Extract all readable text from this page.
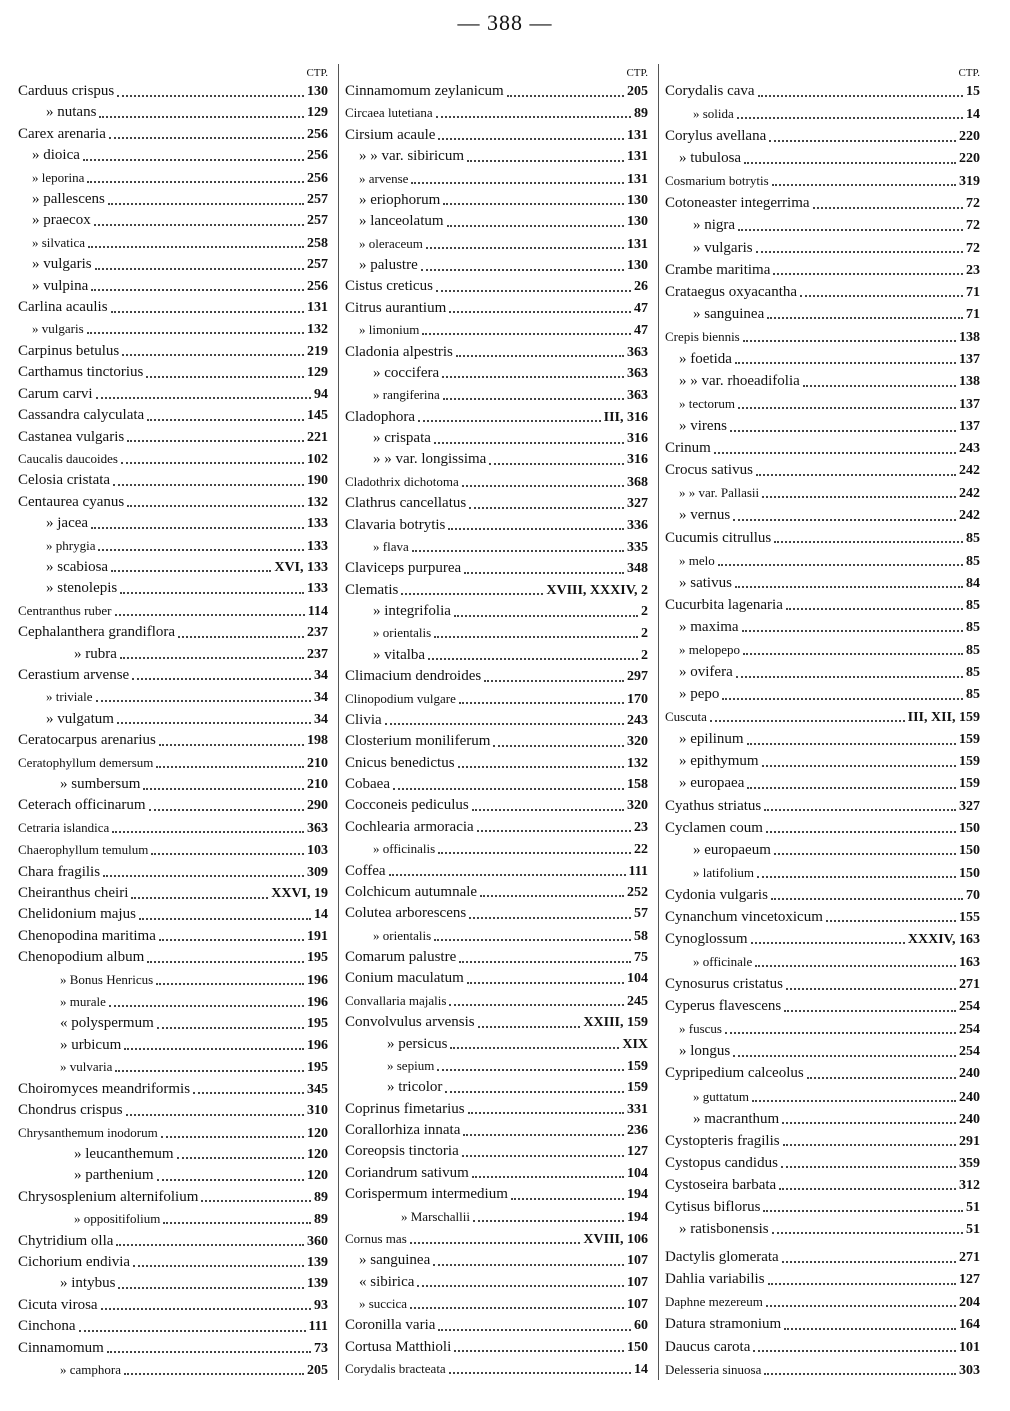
— 388 —
СТР.
Carduus crispus	130
» nutans	129
Carex arenaria	256
» dioica	256
» leporina	256
» pallescens	257
» praecox	257
» silvatica	258
» vulgaris	257
» vulpina	256
Carlina acaulis	131
» vulgaris	132
Carpinus betulus	219
Carthamus tinctorius	129
Carum carvi	94
Cassandra calyculata	145
Castanea vulgaris	221
Caucalis daucoides	102
Celosia cristata	190
Centaurea cyanus	132
» jacea	133
» phrygia	133
» scabiosa	XVI, 133
» stenolepis	133
Centranthus ruber	114
Cephalanthera grandiflora	237
» rubra	237
Cerastium arvense	34
» triviale	34
» vulgatum	34
Ceratocarpus arenarius	198
Ceratophyllum demersum	210
» sumbersum	210
Ceterach officinarum	290
Cetraria islandica	363
Chaerophyllum temulum	103
Chara fragilis	309
Cheiranthus cheiri	XXVI, 19
Chelidonium majus	14
Chenopodina maritima	191
Chenopodium album	195
» Bonus Henricus	196
» murale	196
« polyspermum	195
» urbicum	196
» vulvaria	195
Choiromyces meandriformis	345
Chondrus crispus	310
Chrysanthemum inodorum	120
» leucanthemum	120
» parthenium	120
Chrysosplenium alternifolium	89
» oppositifolium	89
Chytridium olla	360
Cichorium endivia	139
» intybus	139
Cicuta virosa	93
Cinchona	111
Cinnamomum	73
» camphora	205
СТР.
Cinnamomum zeylanicum	205
Circaea lutetiana	89
Cirsium acaule	131
» » var. sibiricum	131
» arvense	131
» eriophorum	130
» lanceolatum	130
» oleraceum	131
» palustre	130
Cistus creticus	26
Citrus aurantium	47
» limonium	47
Cladonia alpestris	363
» coccifera	363
» rangiferina	363
Cladophora	III, 316
» crispata	316
» » var. longissima	316
Cladothrix dichotoma	368
Clathrus cancellatus	327
Clavaria botrytis	336
» flava	335
Claviceps purpurea	348
Clematis	XVIII, XXXIV, 2
» integrifolia	2
» orientalis	2
» vitalba	2
Climacium dendroides	297
Clinopodium vulgare	170
Clivia	243
Closterium moniliferum	320
Cnicus benedictus	132
Cobaea	158
Cocconeis pediculus	320
Cochlearia armoracia	23
» officinalis	22
Coffea	111
Colchicum autumnale	252
Colutea arborescens	57
» orientalis	58
Comarum palustre	75
Conium maculatum	104
Convallaria majalis	245
Convolvulus arvensis	XXIII, 159
» persicus	XIX
» sepium	159
» tricolor	159
Coprinus fimetarius	331
Corallorhiza innata	236
Coreopsis tinctoria	127
Coriandrum sativum	104
Corispermum intermedium	194
» Marschallii	194
Cornus mas	XVIII, 106
» sanguinea	107
« sibirica	107
» succica	107
Coronilla varia	60
Cortusa Matthioli	150
Corydalis bracteata	14
СТР.
Corydalis cava	15
» solida	14
Corylus avellana	220
» tubulosa	220
Cosmarium botrytis	319
Cotoneaster integerrima	72
» nigra	72
» vulgaris	72
Crambe maritima	23
Crataegus oxyacantha	71
» sanguinea	71
Crepis biennis	138
» foetida	137
» » var. rhoeadifolia	138
» tectorum	137
» virens	137
Crinum	243
Crocus sativus	242
» » var. Pallasii	242
» vernus	242
Cucumis citrullus	85
» melo	85
» sativus	84
Cucurbita lagenaria	85
» maxima	85
» melopepo	85
» ovifera	85
» pepo	85
Cuscuta	III, XII, 159
» epilinum	159
» epithymum	159
» europaea	159
Cyathus striatus	327
Cyclamen coum	150
» europaeum	150
» latifolium	150
Cydonia vulgaris	70
Cynanchum vincetoxicum	155
Cynoglossum	XXXIV, 163
» officinale	163
Cynosurus cristatus	271
Cyperus flavescens	254
» fuscus	254
» longus	254
Cypripedium calceolus	240
» guttatum	240
» macranthum	240
Cystopteris fragilis	291
Cystopus candidus	359
Cystoseira barbata	312
Cytisus biflorus	51
» ratisbonensis	51
Dactylis glomerata	271
Dahlia variabilis	127
Daphne mezereum	204
Datura stramonium	164
Daucus carota	101
Delesseria sinuosa	303
